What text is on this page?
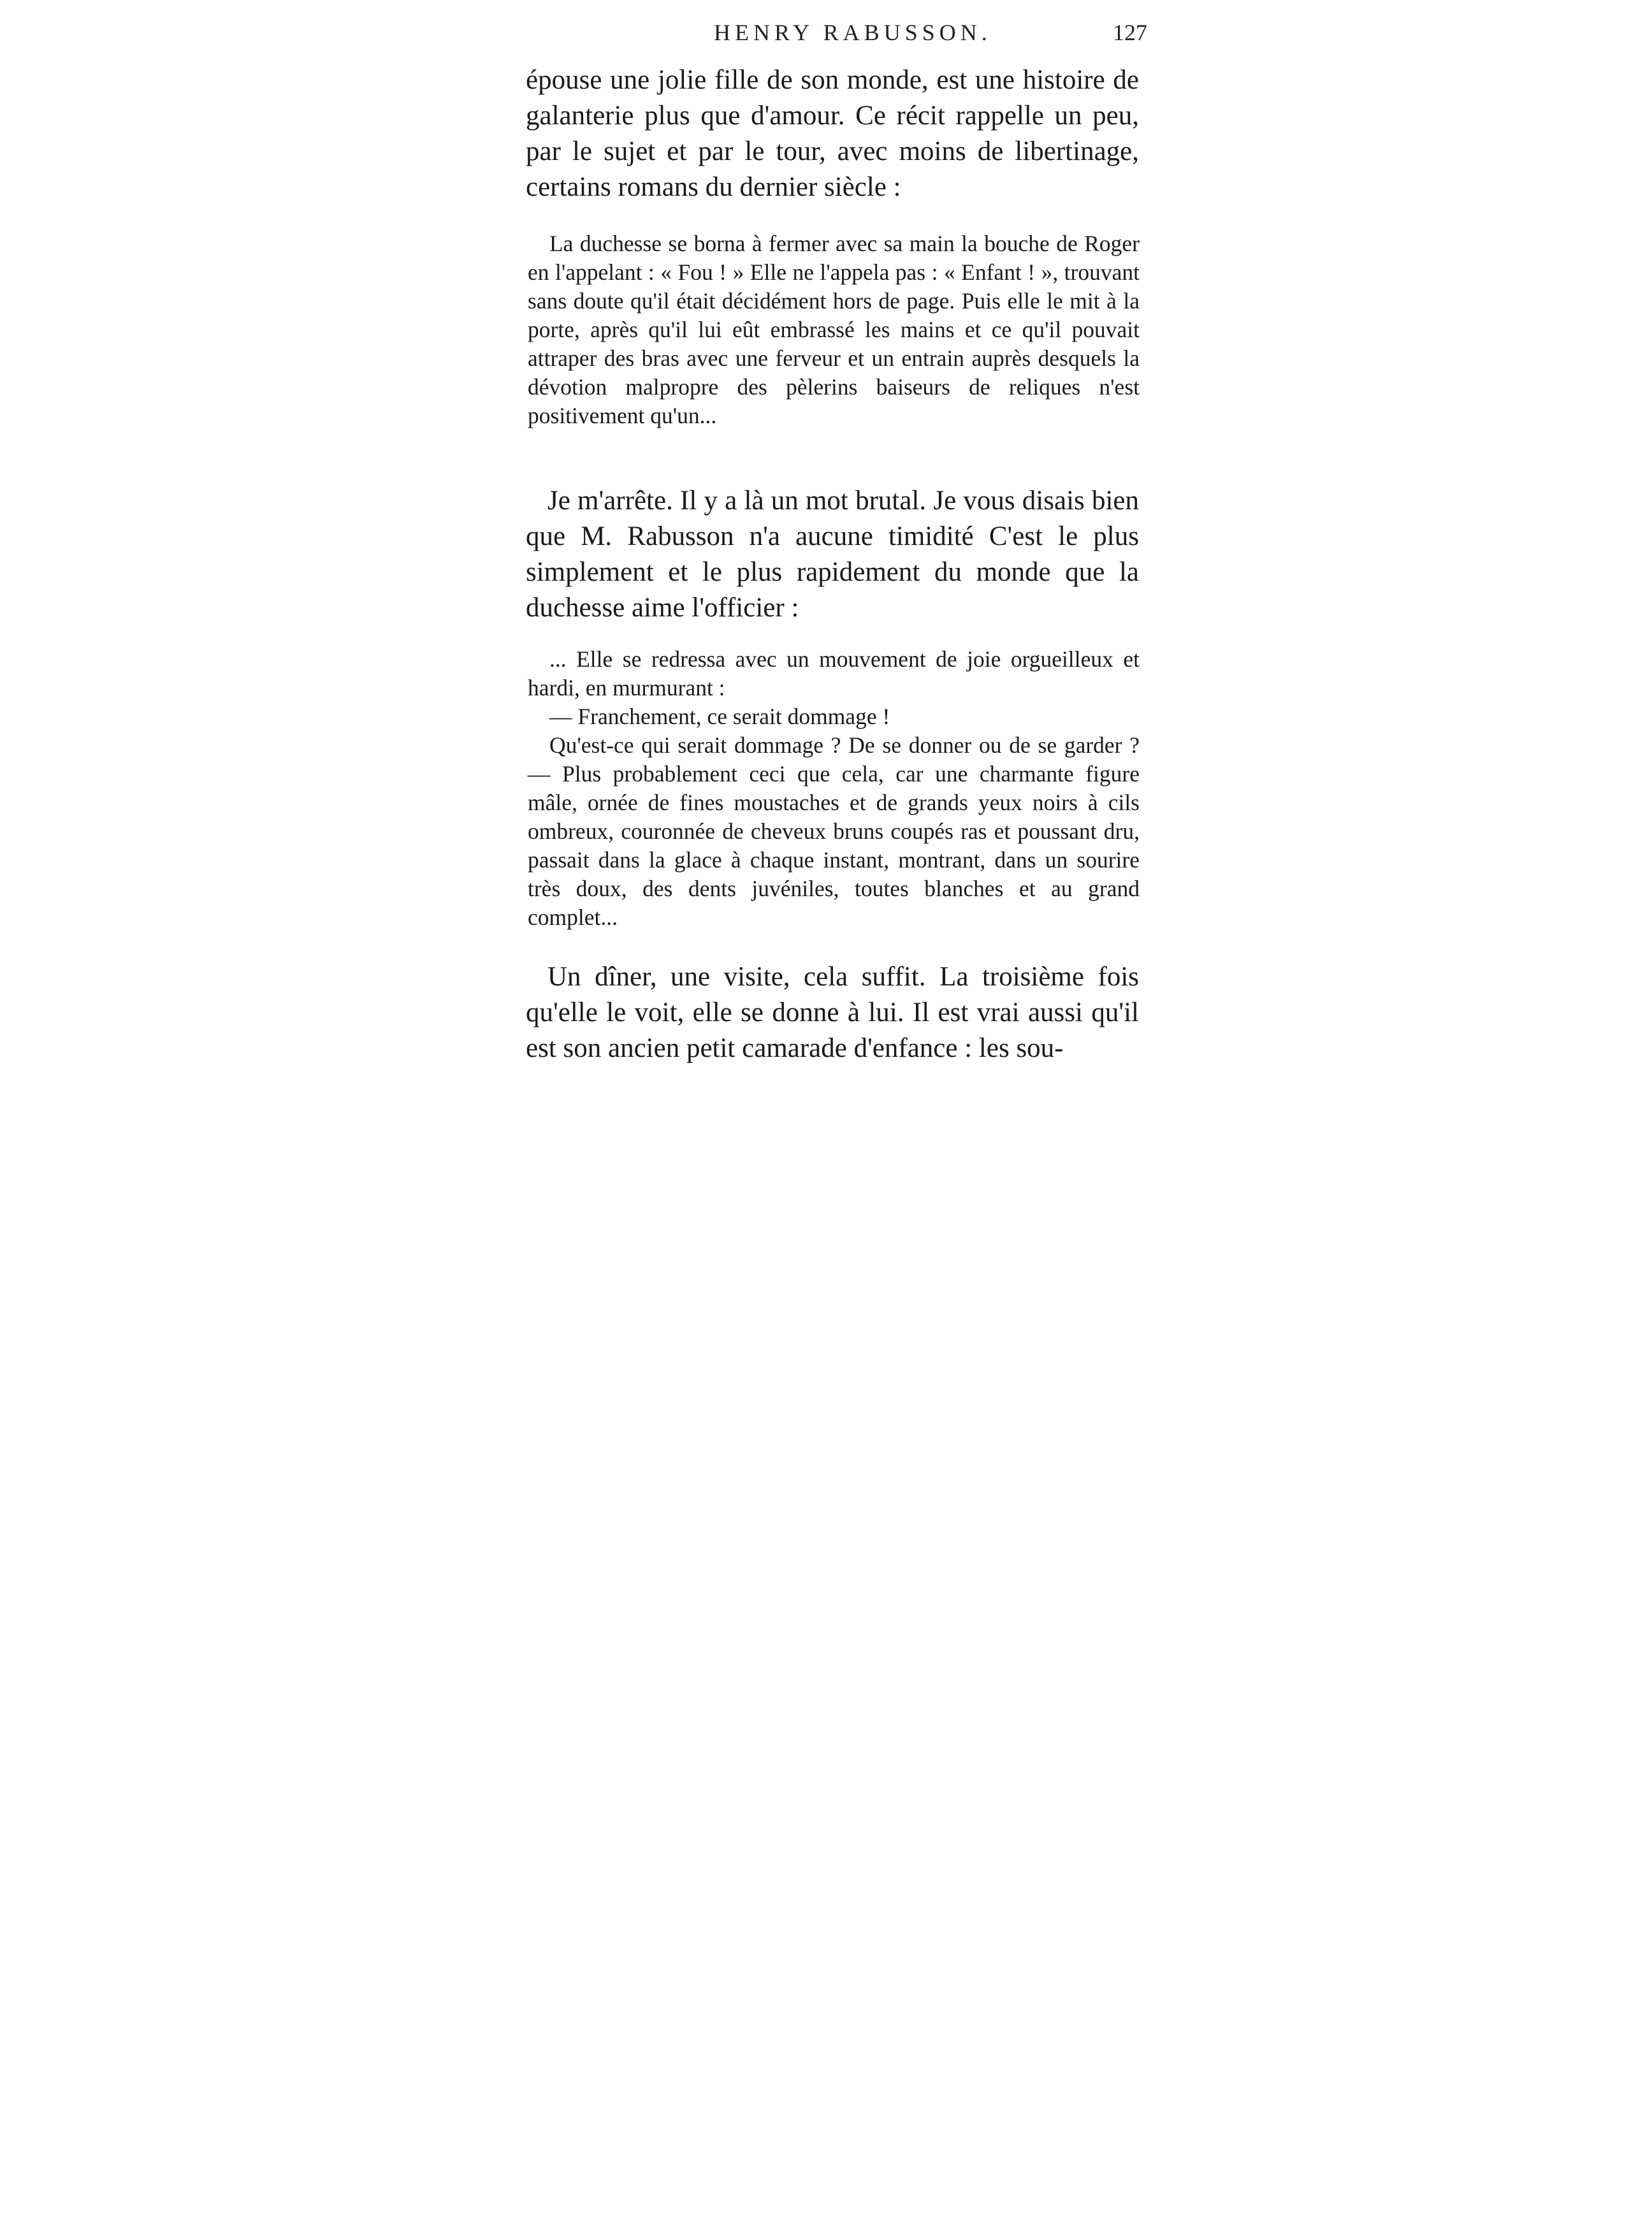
HENRY RABUSSON.	127

épouse une jolie fille de son monde, est une histoire de galanterie plus que d'amour. Ce récit rappelle un peu, par le sujet et par le tour, avec moins de libertinage, certains romans du dernier siècle :

La duchesse se borna à fermer avec sa main la bouche de Roger en l'appelant : « Fou ! » Elle ne l'appela pas : « Enfant ! », trouvant sans doute qu'il était décidément hors de page. Puis elle le mit à la porte, après qu'il lui eût embrassé les mains et ce qu'il pouvait attraper des bras avec une ferveur et un entrain auprès desquels la dévotion malpropre des pèlerins baiseurs de reliques n'est positivement qu'un...

Je m'arrête. Il y a là un mot brutal. Je vous disais bien que M. Rabusson n'a aucune timidité C'est le plus simplement et le plus rapidement du monde que la duchesse aime l'officier :

... Elle se redressa avec un mouvement de joie orgueilleux et hardi, en murmurant :

— Franchement, ce serait dommage !

Qu'est-ce qui serait dommage ? De se donner ou de se garder ? — Plus probablement ceci que cela, car une charmante figure mâle, ornée de fines moustaches et de grands yeux noirs à cils ombreux, couronnée de cheveux bruns coupés ras et poussant dru, passait dans la glace à chaque instant, montrant, dans un sourire très doux, des dents juvéniles, toutes blanches et au grand complet...

Un dîner, une visite, cela suffit. La troisième fois qu'elle le voit, elle se donne à lui. Il est vrai aussi qu'il est son ancien petit camarade d'enfance : les sou-
